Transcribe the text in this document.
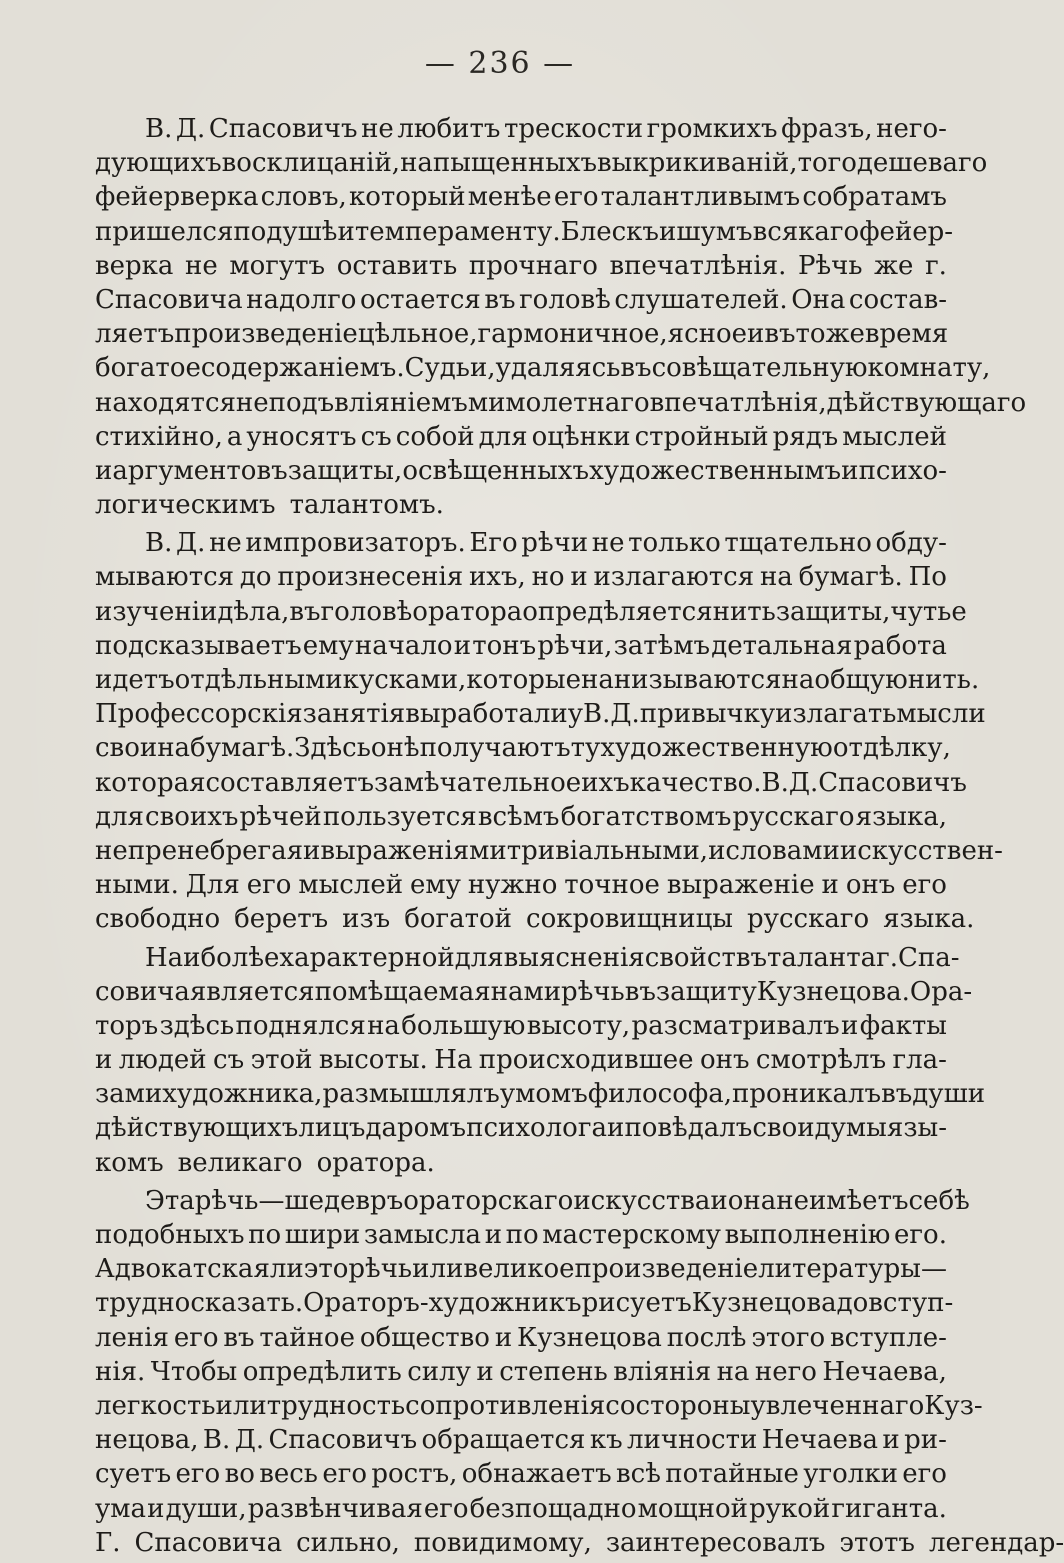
— 236 —
В. Д. Спасовичъ не любитъ трескости громкихъ фразъ, него-
дующихъ восклицаній, напыщенныхъ выкрикиваній, того дешеваго
фейерверка словъ, который менѣе его талантливымъ собратамъ
пришелся по душѣ и темпераменту. Блескъ и шумъ всякаго фейер-
верка не могутъ оставить прочнаго впечатлѣнія. Рѣчь же г.
Спасовича надолго остается въ головѣ слушателей. Она состав-
ляетъ произведеніе цѣльное, гармоничное, ясное и въ тоже время
богатое содержаніемъ. Судьи, удаляясь въ совѣщательную комнату,
находятся не подъ вліяніемъ мимолетнаго впечатлѣнія, дѣйствующаго
стихійно, а уносятъ съ собой для оцѣнки стройный рядъ мыслей
и аргументовъ защиты, освѣщенныхъ художественнымъ и психо-
логическимъ талантомъ.
В. Д. не импровизаторъ. Его рѣчи не только тщательно обду-
мываются до произнесенія ихъ, но и излагаются на бумагѣ. По
изученіи дѣла, въ головѣ оратора опредѣляется нить защиты, чутье
подсказываетъ ему начало и тонъ рѣчи, затѣмъ детальная работа
идетъ отдѣльными кусками, которые нанизываются на общую нить.
Профессорскія занятія выработали у В. Д. привычку излагать мысли
свои на бумагѣ. Здѣсь онѣ получаютъ ту художественную отдѣлку,
которая составляетъ замѣчательное ихъ качество. В. Д. Спасовичъ
для своихъ рѣчей пользуется всѣмъ богатствомъ русскаго языка,
не пренебрегая и выраженіями тривіальными, и словами искусствен-
ными. Для его мыслей ему нужно точное выраженіе и онъ его
свободно беретъ изъ богатой сокровищницы русскаго языка.
Наиболѣе характерной для выясненія свойствъ таланта г. Спа-
совича является помѣщаемая нами рѣчь въ защиту Кузнецова. Ора-
торъ здѣсь поднялся на большую высоту, разсматривалъ и факты
и людей съ этой высоты. На происходившее онъ смотрѣлъ гла-
зами художника, размышлялъ умомъ философа, проникалъ въ души
дѣйствующихъ лицъ даромъ психолога и повѣдалъ свои думы язы-
комъ великаго оратора.
Эта рѣчь — шедевръ ораторскаго искусства и она не имѣетъ себѣ
подобныхъ по шири замысла и по мастерскому выполненію его.
Адвокатская ли это рѣчь или великое произведеніе литературы —
трудно сказать. Ораторъ-художникъ рисуетъ Кузнецова до вступ-
ленія его въ тайное общество и Кузнецова послѣ этого вступле-
нія. Чтобы опредѣлить силу и степень вліянія на него Нечаева,
легкость или трудность сопротивленія со стороны увлеченнаго Куз-
нецова, В. Д. Спасовичъ обращается къ личности Нечаева и ри-
суетъ его во весь его ростъ, обнажаетъ всѣ потайные уголки его
ума и души, развѣнчивая его безпощадно мощной рукой гиганта.
Г. Спасовича сильно, повидимому, заинтересовалъ этотъ легендар-
